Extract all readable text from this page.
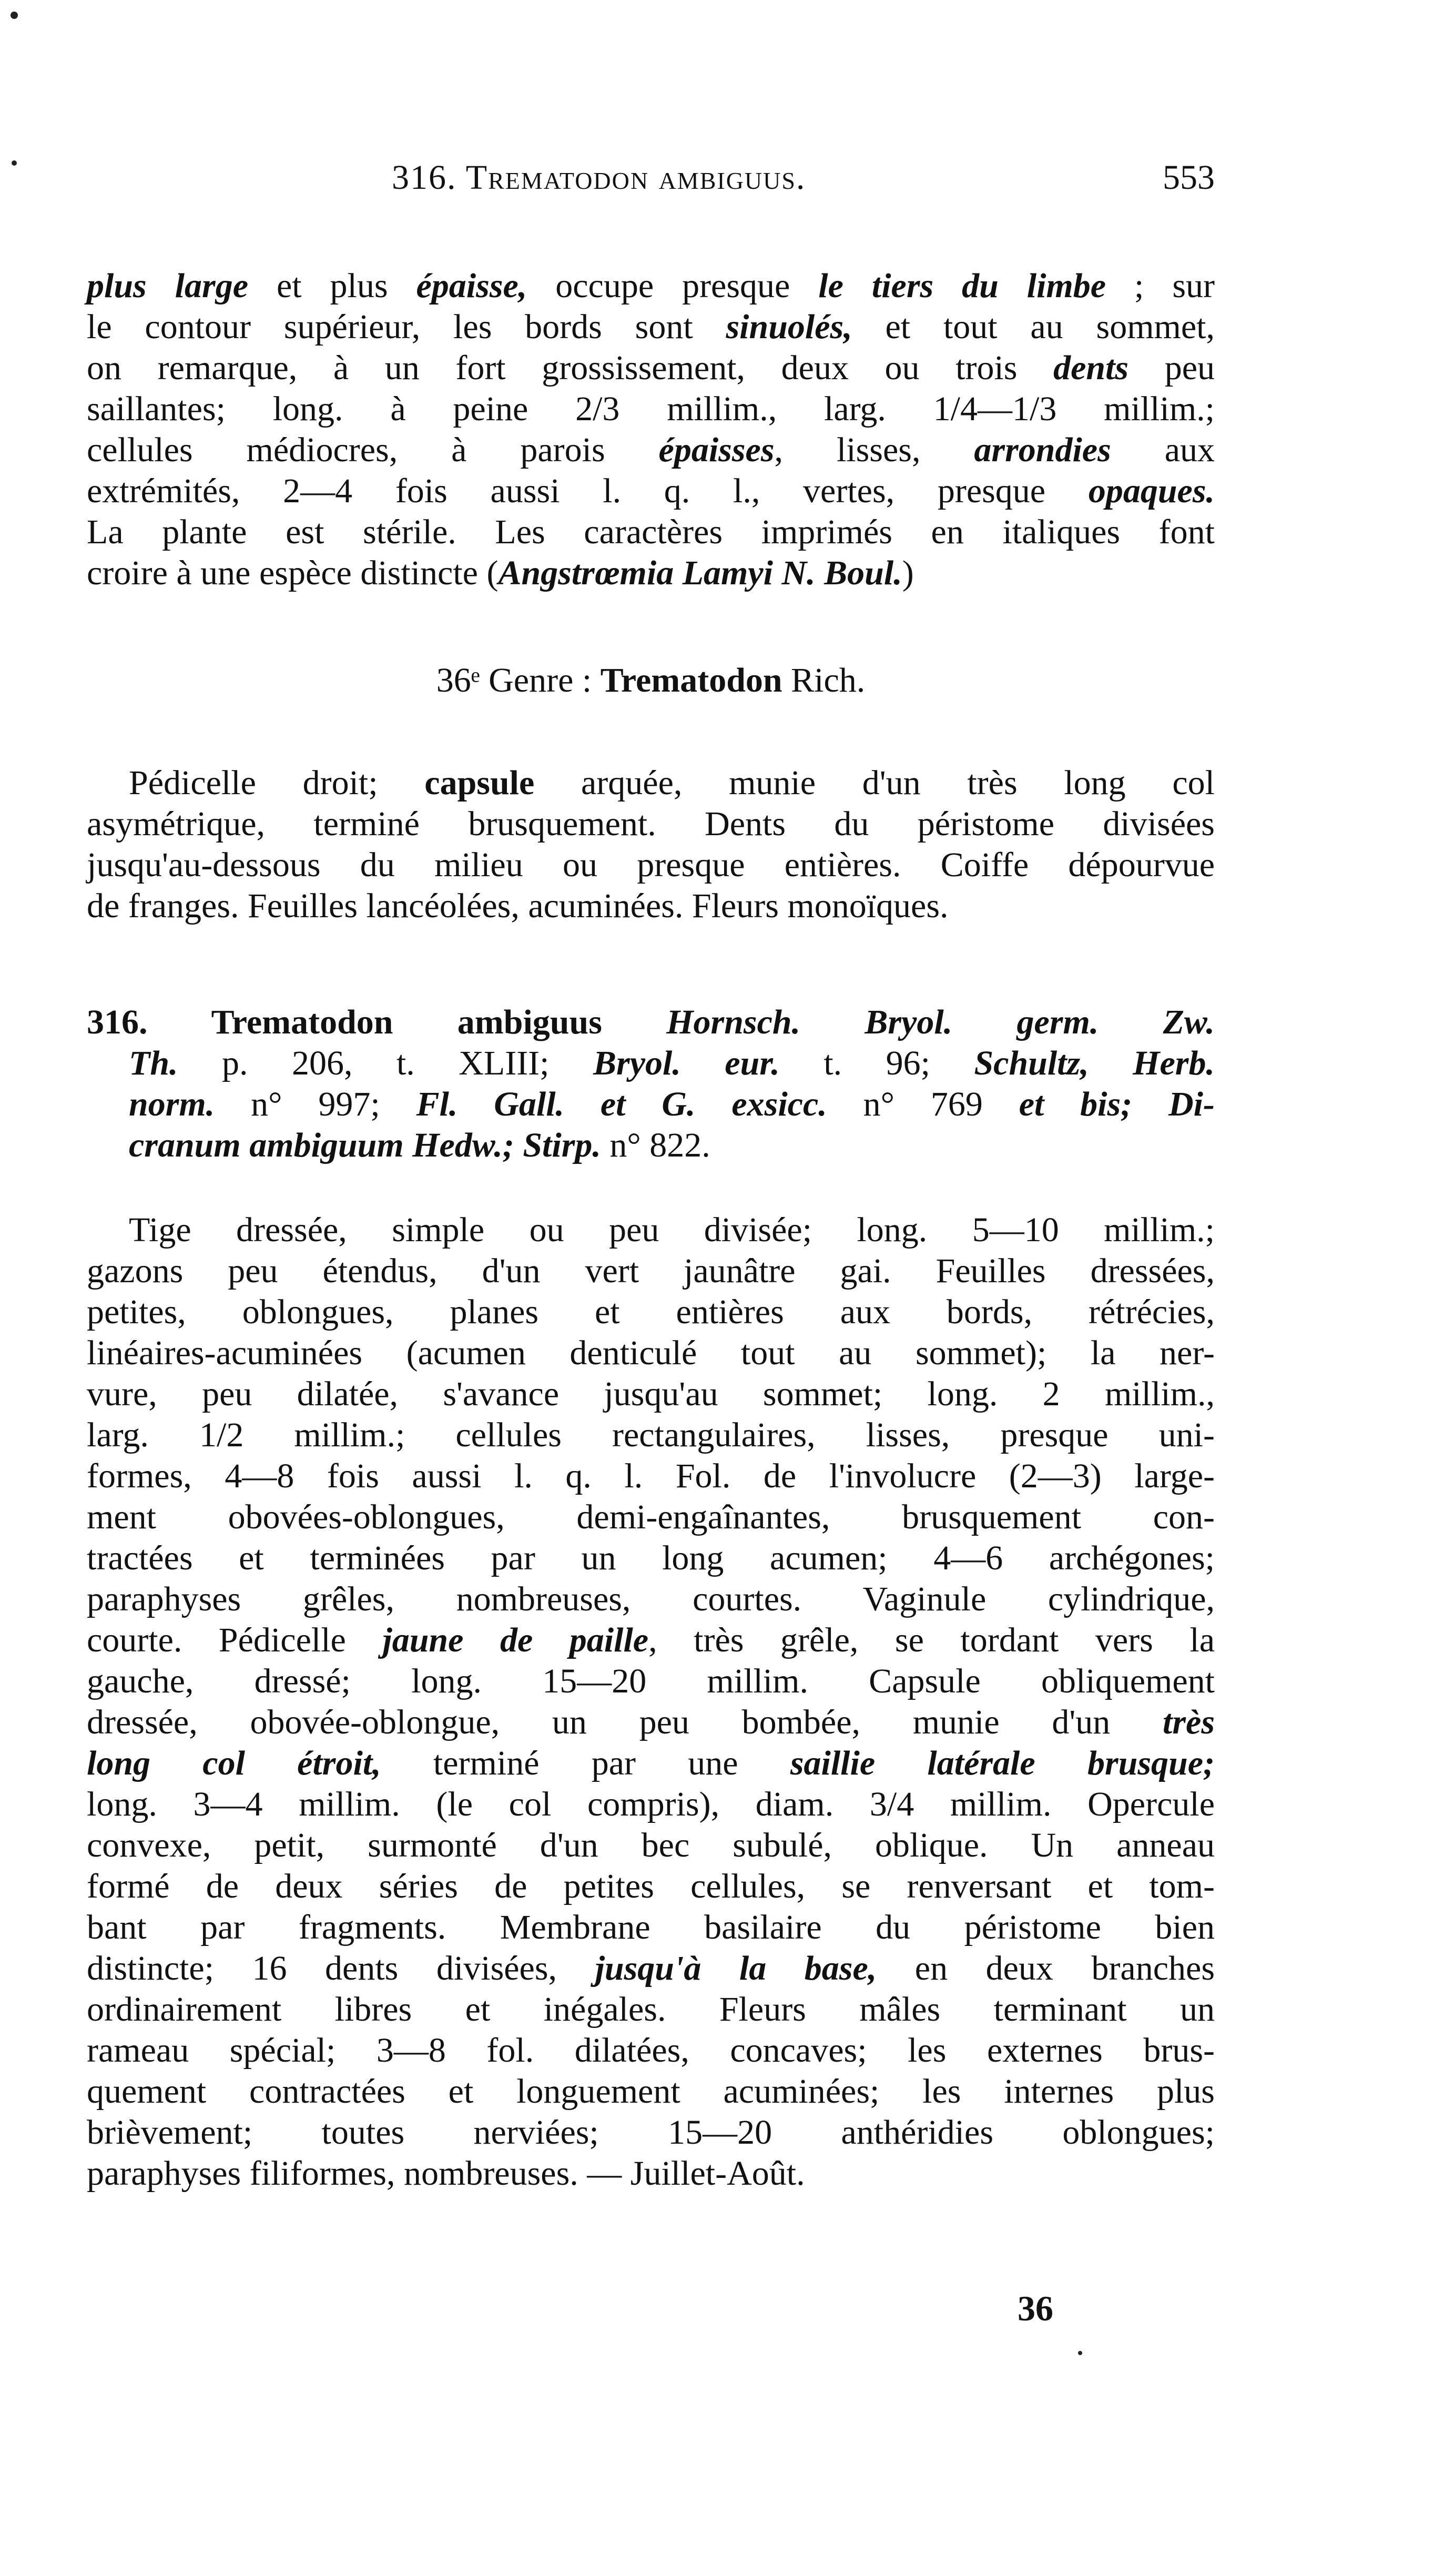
316. Trematodon ambiguus.	553
plus large et plus épaisse, occupe presque le tiers du limbe ; sur
le contour supérieur, les bords sont sinuolés, et tout au sommet,
on remarque, à un fort grossissement, deux ou trois dents peu
saillantes; long. à peine 2/3 millim., larg. 1/4—1/3 millim.;
cellules médiocres, à parois épaisses, lisses, arrondies aux
extrémités, 2—4 fois aussi l. q. l., vertes, presque opaques.
La plante est stérile. Les caractères imprimés en italiques font
croire à une espèce distincte (Angstrœmia Lamyi N. Boul.)
36ᵉ Genre : Trematodon Rich.
Pédicelle droit; capsule arquée, munie d'un très long col
asymétrique, terminé brusquement. Dents du péristome divisées
jusqu'au-dessous du milieu ou presque entières. Coiffe dépourvue
de franges. Feuilles lancéolées, acuminées. Fleurs monoïques.
316. Trematodon ambiguus Hornsch. Bryol. germ. Zw.
Th. p. 206, t. XLIII; Bryol. eur. t. 96; Schultz, Herb.
norm. n° 997; Fl. Gall. et G. exsicc. n° 769 et bis; Di-
cranum ambiguum Hedw.; Stirp. n° 822.
Tige dressée, simple ou peu divisée; long. 5—10 millim.;
gazons peu étendus, d'un vert jaunâtre gai. Feuilles dressées,
petites, oblongues, planes et entières aux bords, rétrécies,
linéaires-acuminées (acumen denticulé tout au sommet); la ner-
vure, peu dilatée, s'avance jusqu'au sommet; long. 2 millim.,
larg. 1/2 millim.; cellules rectangulaires, lisses, presque uni-
formes, 4—8 fois aussi l. q. l. Fol. de l'involucre (2—3) large-
ment obovées-oblongues, demi-engaînantes, brusquement con-
tractées et terminées par un long acumen; 4—6 archégones;
paraphyses grêles, nombreuses, courtes. Vaginule cylindrique,
courte. Pédicelle jaune de paille, très grêle, se tordant vers la
gauche, dressé; long. 15—20 millim. Capsule obliquement
dressée, obovée-oblongue, un peu bombée, munie d'un très
long col étroit, terminé par une saillie latérale brusque;
long. 3—4 millim. (le col compris), diam. 3/4 millim. Opercule
convexe, petit, surmonté d'un bec subulé, oblique. Un anneau
formé de deux séries de petites cellules, se renversant et tom-
bant par fragments. Membrane basilaire du péristome bien
distincte; 16 dents divisées, jusqu'à la base, en deux branches
ordinairement libres et inégales. Fleurs mâles terminant un
rameau spécial; 3—8 fol. dilatées, concaves; les externes brus-
quement contractées et longuement acuminées; les internes plus
brièvement; toutes nerviées; 15—20 anthéridies oblongues;
paraphyses filiformes, nombreuses. — Juillet-Août.
36
